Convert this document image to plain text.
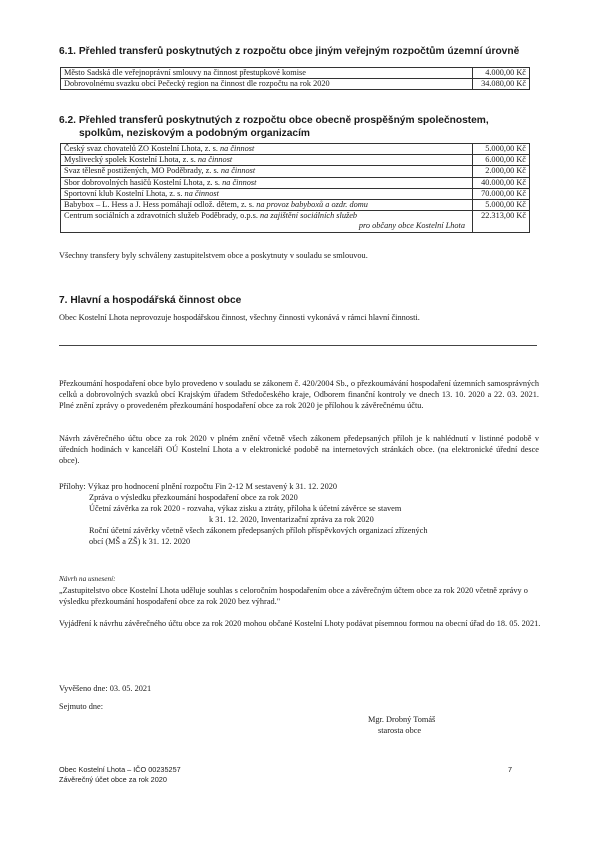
6.1. Přehled transferů poskytnutých z rozpočtu obce jiným veřejným rozpočtům územní úrovně
Město Sadská dle veřejnoprávní smlouvy na činnost přestupkové komise	4.000,00 Kč
Dobrovolnému svazku obcí Pečecký region na činnost dle rozpočtu na rok 2020	34.080,00 Kč
6.2. Přehled transferů poskytnutých z rozpočtu obce obecně prospěšným společnostem,
spolkům, neziskovým a podobným organizacím
Český svaz chovatelů ZO Kostelní Lhota, z. s. na činnost	5.000,00 Kč
Myslivecký spolek Kostelní Lhota, z. s. na činnost	6.000,00 Kč
Svaz tělesně postižených, MO Poděbrady, z. s. na činnost	2.000,00 Kč
Sbor dobrovolných hasičů Kostelní Lhota, z. s. na činnost	40.000,00 Kč
Sportovní klub Kostelní Lhota, z. s. na činnost	70.000,00 Kč
Babybox – L. Hess a J. Hess pomáhají odlož. dětem, z. s. na provoz babyboxů a ozdr. domu	5.000,00 Kč
Centrum sociálních a zdravotních služeb Poděbrady, o.p.s. na zajištění sociálních služeb
pro občany obce Kostelní Lhota	22.313,00 Kč

Všechny transfery byly schváleny zastupitelstvem obce a poskytnuty v souladu se smlouvou.

7. Hlavní a hospodářská činnost obce

Obec Kostelní Lhota neprovozuje hospodářskou činnost, všechny činnosti vykonává v rámci hlavní činnosti.

Přezkoumání hospodaření obce bylo provedeno v souladu se zákonem č. 420/2004 Sb., o přezkoumávání hospodaření územních samosprávných celků a dobrovolných svazků obcí Krajským úřadem Středočeského kraje, Odborem finanční kontroly ve dnech 13. 10. 2020 a 22. 03. 2021. Plné znění zprávy o provedeném přezkoumání hospodaření obce za rok 2020 je přílohou k závěrečnému účtu.

Návrh závěrečného účtu obce za rok 2020 v plném znění včetně všech zákonem předepsaných příloh je k nahlédnutí v listinné podobě v úředních hodinách v kanceláři OÚ Kostelní Lhota a v elektronické podobě na internetových stránkách obce. (na elektronické úřední desce obce).

Přílohy: Výkaz pro hodnocení plnění rozpočtu Fin 2-12 M sestavený k 31. 12. 2020
Zpráva o výsledku přezkoumání hospodaření obce za rok 2020
Účetní závěrka za rok 2020 - rozvaha, výkaz zisku a ztráty, příloha k účetní závěrce se stavem
k 31. 12. 2020, Inventarizační zpráva za rok 2020
Roční účetní závěrky včetně všech zákonem předepsaných příloh příspěvkových organizací zřízených
obcí (MŠ a ZŠ) k 31. 12. 2020

Návrh na usnesení:

„Zastupitelstvo obce Kostelní Lhota uděluje souhlas s celoročním hospodařením obce a závěrečným účtem obce za rok 2020 včetně zprávy o výsledku přezkoumání hospodaření obce za rok 2020 bez výhrad."

Vyjádření k návrhu závěrečného účtu obce za rok 2020 mohou občané Kostelní Lhoty podávat písemnou formou na obecní úřad do 18. 05. 2021.

Vyvěšeno dne: 03. 05. 2021

Sejmuto dne:

Mgr. Drobný Tomáš
starosta obce
Obec Kostelní Lhota – IČO 00235257
Závěrečný účet obce za rok 2020
7
